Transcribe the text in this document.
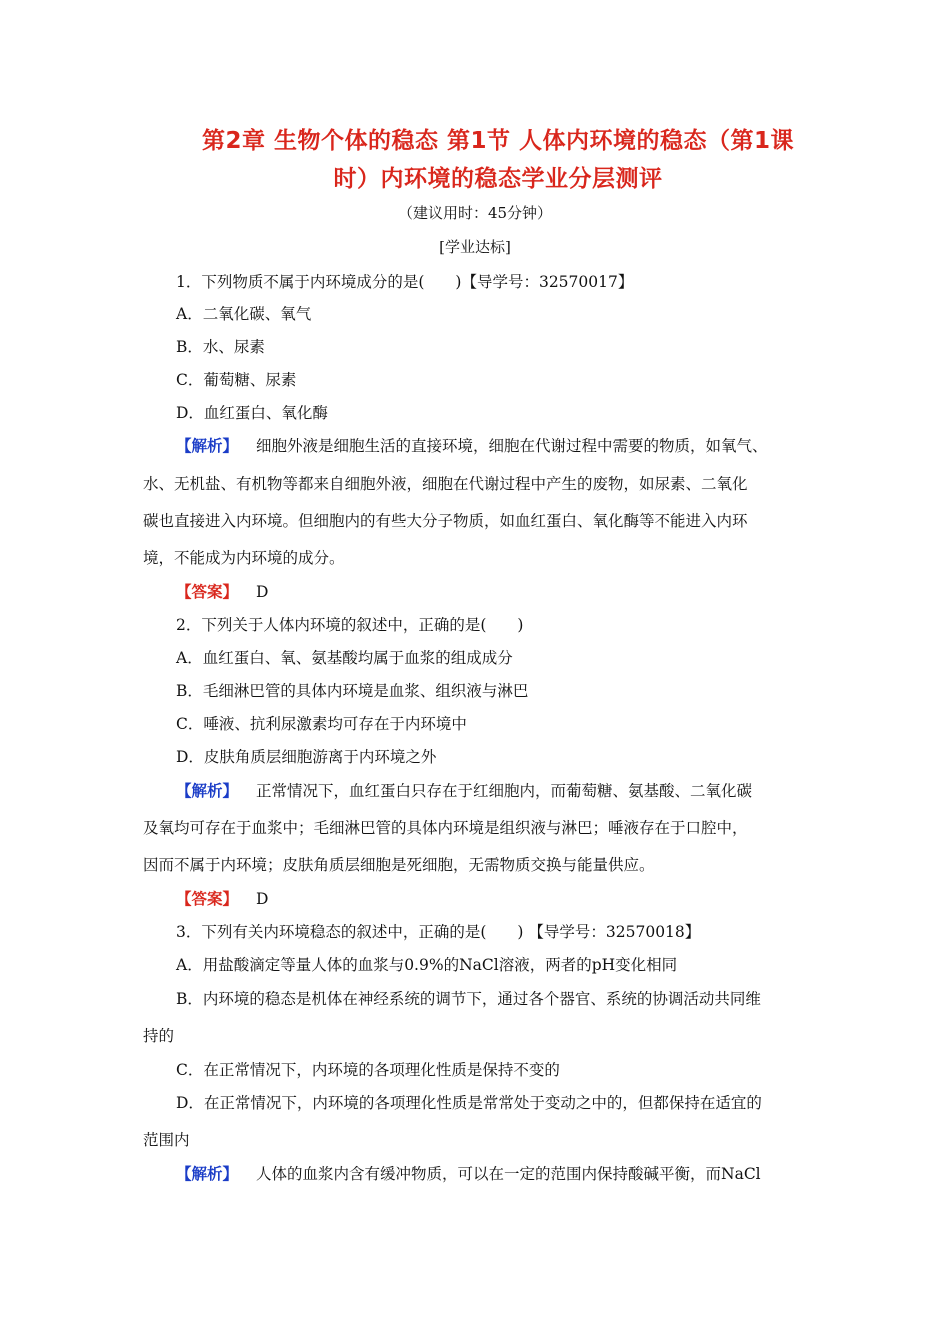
第2章 生物个体的稳态 第1节 人体内环境的稳态（第1课
时）内环境的稳态学业分层测评
（建议用时：45分钟）
[学业达标]
1．下列物质不属于内环境成分的是(　　)【导学号：32570017】
A．二氧化碳、氧气
B．水、尿素
C．葡萄糖、尿素
D．血红蛋白、氧化酶
【解析】 细胞外液是细胞生活的直接环境，细胞在代谢过程中需要的物质，如氧气、
水、无机盐、有机物等都来自细胞外液，细胞在代谢过程中产生的废物，如尿素、二氧化
碳也直接进入内环境。但细胞内的有些大分子物质，如血红蛋白、氧化酶等不能进入内环
境，不能成为内环境的成分。
【答案】 D
2．下列关于人体内环境的叙述中，正确的是(　　)
A．血红蛋白、氧、氨基酸均属于血浆的组成成分
B．毛细淋巴管的具体内环境是血浆、组织液与淋巴
C．唾液、抗利尿激素均可存在于内环境中
D．皮肤角质层细胞游离于内环境之外
【解析】 正常情况下，血红蛋白只存在于红细胞内，而葡萄糖、氨基酸、二氧化碳
及氧均可存在于血浆中；毛细淋巴管的具体内环境是组织液与淋巴；唾液存在于口腔中，
因而不属于内环境；皮肤角质层细胞是死细胞，无需物质交换与能量供应。
【答案】 D
3．下列有关内环境稳态的叙述中，正确的是(　　) 【导学号：32570018】
A．用盐酸滴定等量人体的血浆与0.9%的NaCl溶液，两者的pH变化相同
B．内环境的稳态是机体在神经系统的调节下，通过各个器官、系统的协调活动共同维
持的
C．在正常情况下，内环境的各项理化性质是保持不变的
D．在正常情况下，内环境的各项理化性质是常常处于变动之中的，但都保持在适宜的
范围内
【解析】 人体的血浆内含有缓冲物质，可以在一定的范围内保持酸碱平衡，而NaCl
